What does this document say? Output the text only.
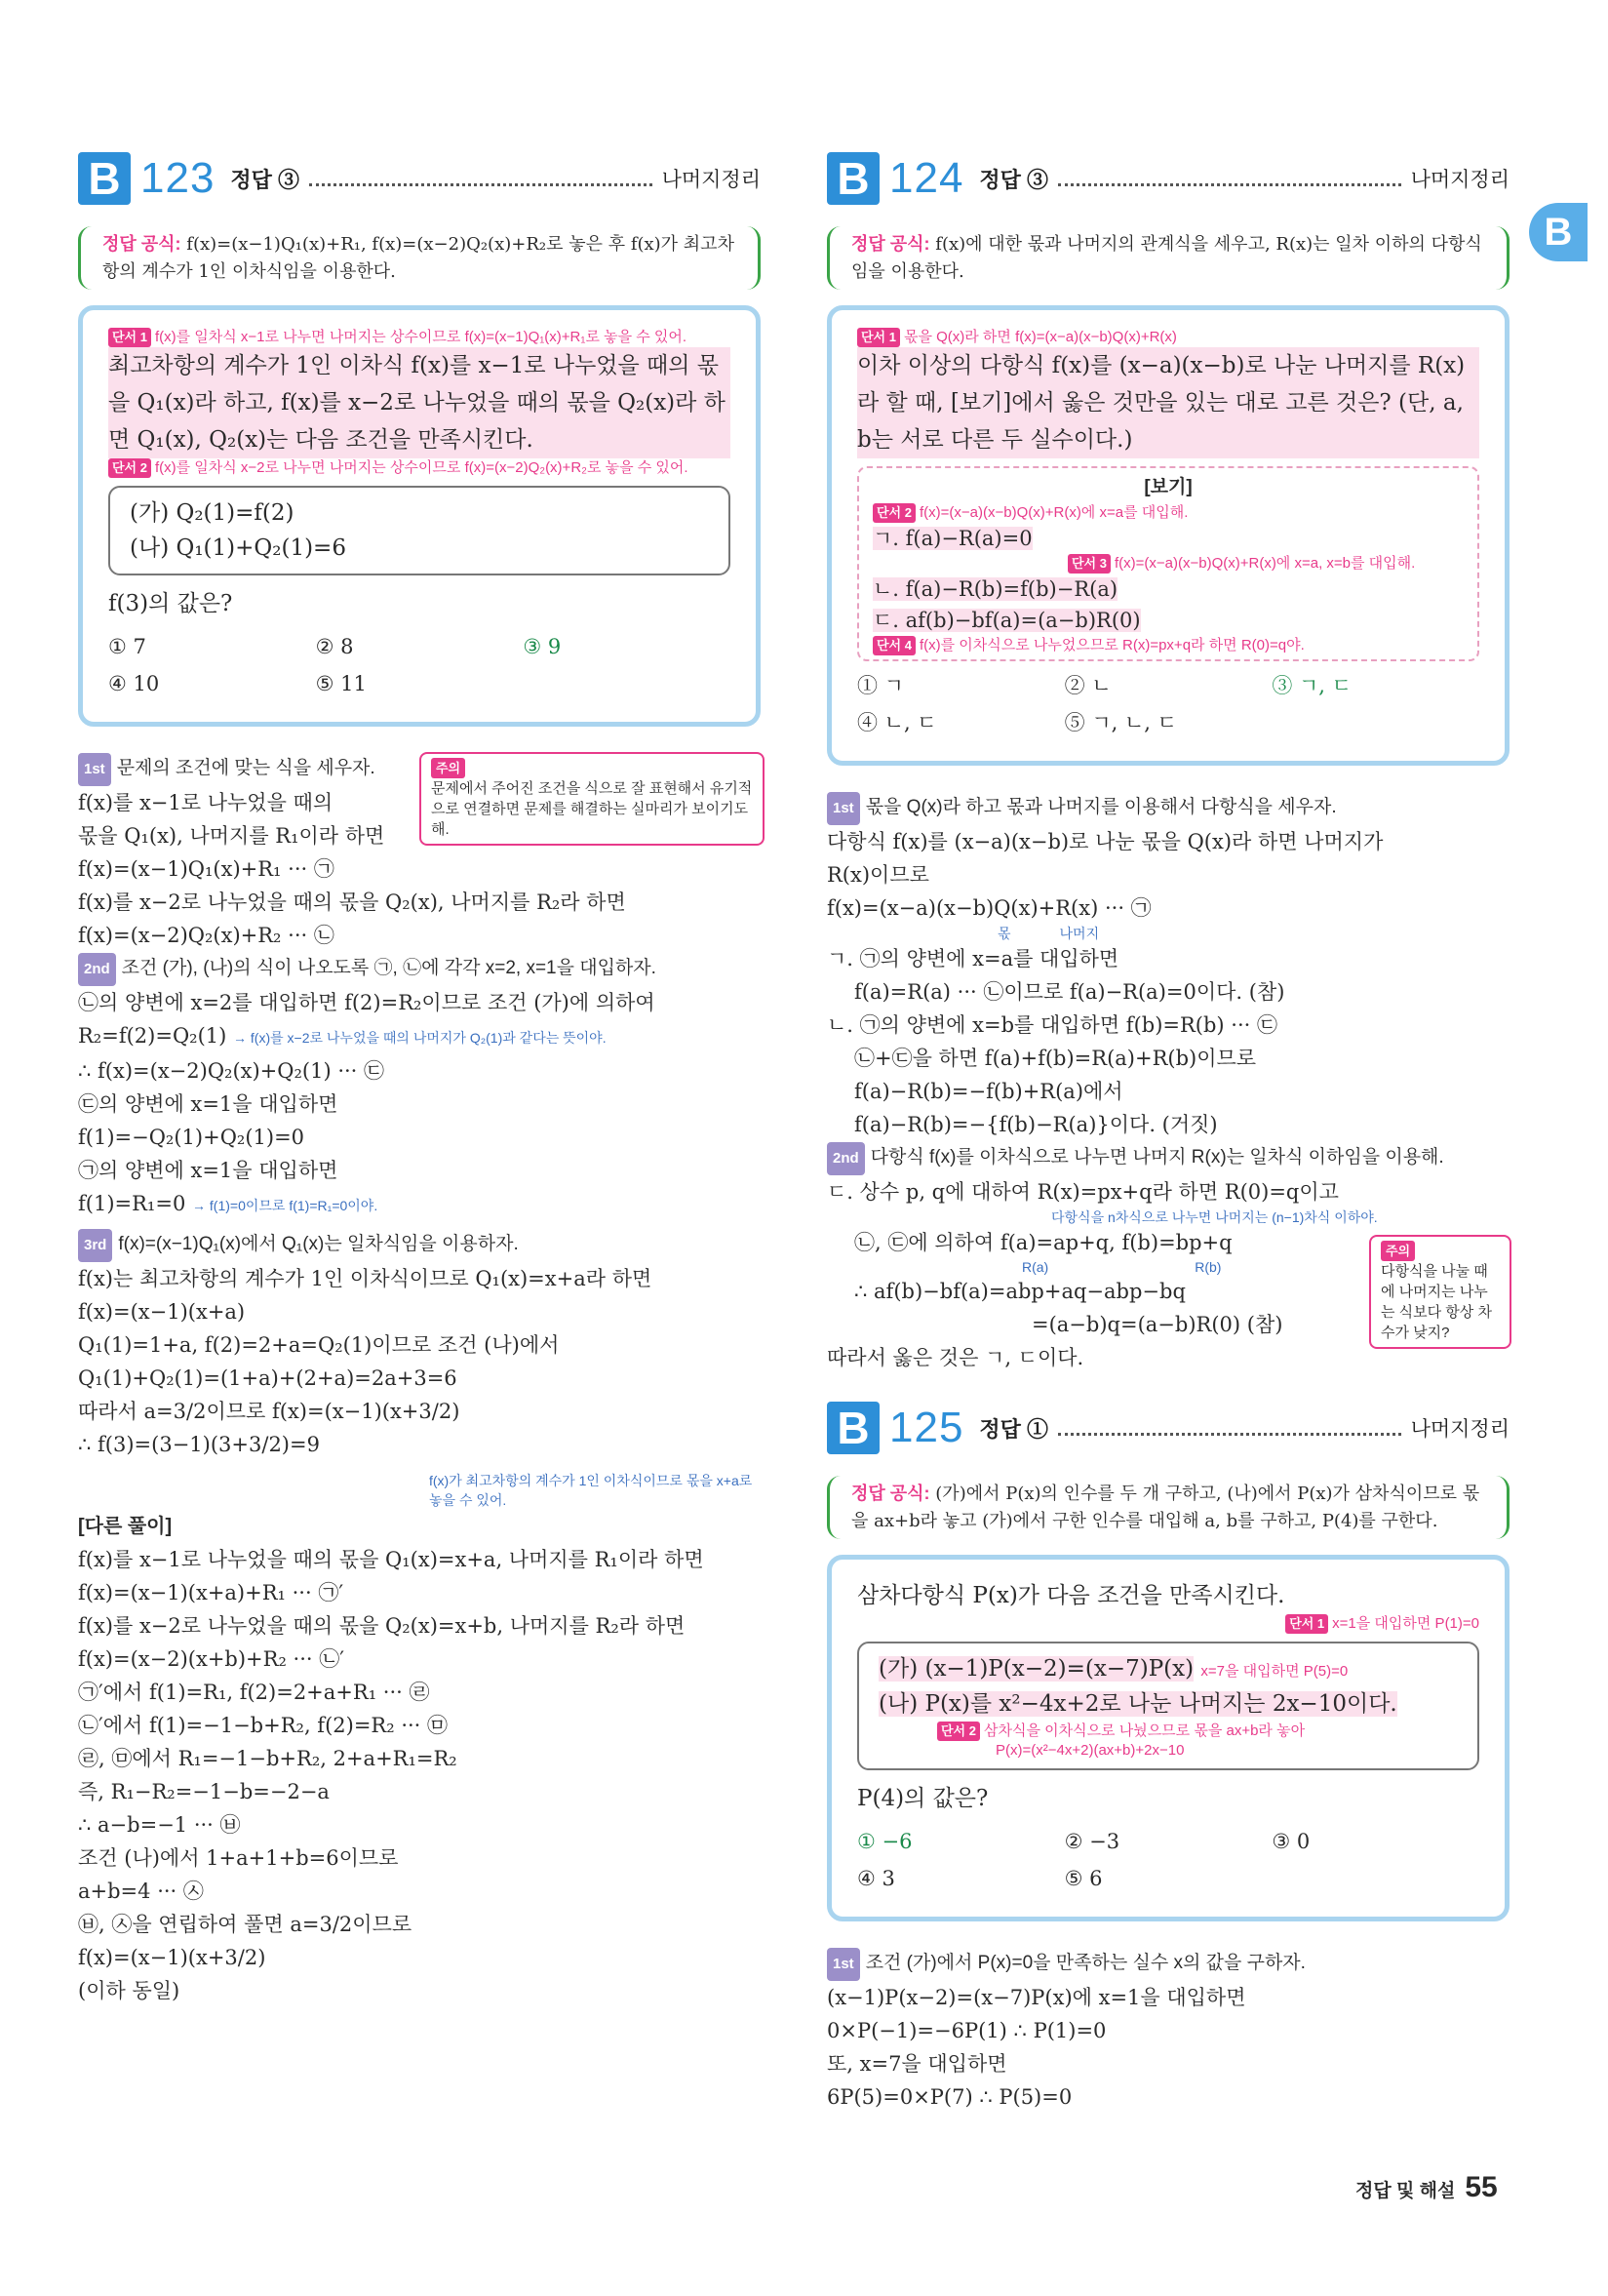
B
B 123 정답 ③	나머지정리
정답 공식: f(x)=(x−1)Q₁(x)+R₁, f(x)=(x−2)Q₂(x)+R₂로 놓은 후 f(x)가 최고차항의 계수가 1인 이차식임을 이용한다.
단서 1 f(x)를 일차식 x−1로 나누면 나머지는 상수이므로 f(x)=(x−1)Q₁(x)+R₁로 놓을 수 있어.
최고차항의 계수가 1인 이차식 f(x)를 x−1로 나누었을 때의 몫을 Q₁(x)라 하고, f(x)를 x−2로 나누었을 때의 몫을 Q₂(x)라 하면 Q₁(x), Q₂(x)는 다음 조건을 만족시킨다.
단서 2 f(x)를 일차식 x−2로 나누면 나머지는 상수이므로 f(x)=(x−2)Q₂(x)+R₂로 놓을 수 있어.
(가) Q₂(1)=f(2)
(나) Q₁(1)+Q₂(1)=6
f(3)의 값은?
① 7	② 8	③ 9
④ 10	⑤ 11
1st 문제의 조건에 맞는 식을 세우자.	주의
문제에서 주어진 조건을 식으로 잘 표현해서 유기적으로 연결하면 문제를 해결하는 실마리가 보이기도 해.
f(x)를 x−1로 나누었을 때의
몫을 Q₁(x), 나머지를 R₁이라 하면
f(x)=(x−1)Q₁(x)+R₁ ··· ㉠
f(x)를 x−2로 나누었을 때의 몫을 Q₂(x), 나머지를 R₂라 하면
f(x)=(x−2)Q₂(x)+R₂ ··· ㉡
2nd 조건 (가), (나)의 식이 나오도록 ㉠, ㉡에 각각 x=2, x=1을 대입하자.
㉡의 양변에 x=2를 대입하면 f(2)=R₂이므로 조건 (가)에 의하여
R₂=f(2)=Q₂(1) → f(x)를 x−2로 나누었을 때의 나머지가 Q₂(1)과 같다는 뜻이야.
∴ f(x)=(x−2)Q₂(x)+Q₂(1) ··· ㉢
㉢의 양변에 x=1을 대입하면
f(1)=−Q₂(1)+Q₂(1)=0
㉠의 양변에 x=1을 대입하면
f(1)=R₁=0 → f(1)=0이므로 f(1)=R₁=0이야.
3rd f(x)=(x−1)Q₁(x)에서 Q₁(x)는 일차식임을 이용하자.
f(x)는 최고차항의 계수가 1인 이차식이므로 Q₁(x)=x+a라 하면
f(x)=(x−1)(x+a)
Q₁(1)=1+a, f(2)=2+a=Q₂(1)이므로 조건 (나)에서
Q₁(1)+Q₂(1)=(1+a)+(2+a)=2a+3=6
따라서 a=3/2이므로 f(x)=(x−1)(x+3/2)
∴ f(3)=(3−1)(3+3/2)=9
f(x)가 최고차항의 계수가 1인 이차식이므로 몫을 x+a로 놓을 수 있어.
[다른 풀이]
f(x)를 x−1로 나누었을 때의 몫을 Q₁(x)=x+a, 나머지를 R₁이라 하면
f(x)=(x−1)(x+a)+R₁ ··· ㉠′
f(x)를 x−2로 나누었을 때의 몫을 Q₂(x)=x+b, 나머지를 R₂라 하면
f(x)=(x−2)(x+b)+R₂ ··· ㉡′
㉠′에서 f(1)=R₁, f(2)=2+a+R₁ ··· ㉣
㉡′에서 f(1)=−1−b+R₂, f(2)=R₂ ··· ㉤
㉣, ㉤에서 R₁=−1−b+R₂, 2+a+R₁=R₂
즉, R₁−R₂=−1−b=−2−a
∴ a−b=−1 ··· ㉥
조건 (나)에서 1+a+1+b=6이므로
a+b=4 ··· ㉦
㉥, ㉦을 연립하여 풀면 a=3/2이므로
f(x)=(x−1)(x+3/2)
(이하 동일)
B 124 정답 ③	나머지정리
정답 공식: f(x)에 대한 몫과 나머지의 관계식을 세우고, R(x)는 일차 이하의 다항식임을 이용한다.
단서 1 몫을 Q(x)라 하면 f(x)=(x−a)(x−b)Q(x)+R(x)
이차 이상의 다항식 f(x)를 (x−a)(x−b)로 나눈 나머지를 R(x)라 할 때, [보기]에서 옳은 것만을 있는 대로 고른 것은? (단, a, b는 서로 다른 두 실수이다.)
[보기]
단서 2 f(x)=(x−a)(x−b)Q(x)+R(x)에 x=a를 대입해.
ㄱ. f(a)−R(a)=0
단서 3 f(x)=(x−a)(x−b)Q(x)+R(x)에 x=a, x=b를 대입해.
ㄴ. f(a)−R(b)=f(b)−R(a)
ㄷ. af(b)−bf(a)=(a−b)R(0)
단서 4 f(x)를 이차식으로 나누었으므로 R(x)=px+q라 하면 R(0)=q야.
① ㄱ	② ㄴ	③ ㄱ, ㄷ
④ ㄴ, ㄷ	⑤ ㄱ, ㄴ, ㄷ
1st 몫을 Q(x)라 하고 몫과 나머지를 이용해서 다항식을 세우자.
다항식 f(x)를 (x−a)(x−b)로 나눈 몫을 Q(x)라 하면 나머지가
R(x)이므로
f(x)=(x−a)(x−b)Q(x)+R(x) ··· ㉠
몫	나머지
ㄱ. ㉠의 양변에 x=a를 대입하면
f(a)=R(a) ··· ㉡이므로 f(a)−R(a)=0이다. (참)
ㄴ. ㉠의 양변에 x=b를 대입하면 f(b)=R(b) ··· ㉢
㉡+㉢을 하면 f(a)+f(b)=R(a)+R(b)이므로
f(a)−R(b)=−f(b)+R(a)에서
f(a)−R(b)=−{f(b)−R(a)}이다. (거짓)
2nd 다항식 f(x)를 이차식으로 나누면 나머지 R(x)는 일차식 이하임을 이용해.
ㄷ. 상수 p, q에 대하여 R(x)=px+q라 하면 R(0)=q이고
다항식을 n차식으로 나누면 나머지는 (n−1)차식 이하야.
㉡, ㉢에 의하여 f(a)=ap+q, f(b)=bp+q
R(a)	R(b)
∴ af(b)−bf(a)=abp+aq−abp−bq
=(a−b)q=(a−b)R(0) (참)
따라서 옳은 것은 ㄱ, ㄷ이다.
주의
다항식을 나눌 때에 나머지는 나누는 식보다 항상 차수가 낮지?
B 125 정답 ①	나머지정리
정답 공식: (가)에서 P(x)의 인수를 두 개 구하고, (나)에서 P(x)가 삼차식이므로 몫을 ax+b라 놓고 (가)에서 구한 인수를 대입해 a, b를 구하고, P(4)를 구한다.
삼차다항식 P(x)가 다음 조건을 만족시킨다.
단서 1 x=1을 대입하면 P(1)=0
(가) (x−1)P(x−2)=(x−7)P(x) x=7을 대입하면 P(5)=0
(나) P(x)를 x²−4x+2로 나눈 나머지는 2x−10이다.
단서 2 삼차식을 이차식으로 나눴으므로 몫을 ax+b라 놓아
P(x)=(x²−4x+2)(ax+b)+2x−10
P(4)의 값은?
① −6	② −3	③ 0
④ 3	⑤ 6
1st 조건 (가)에서 P(x)=0을 만족하는 실수 x의 값을 구하자.
(x−1)P(x−2)=(x−7)P(x)에 x=1을 대입하면
0×P(−1)=−6P(1) ∴ P(1)=0
또, x=7을 대입하면
6P(5)=0×P(7) ∴ P(5)=0
정답 및 해설 55
